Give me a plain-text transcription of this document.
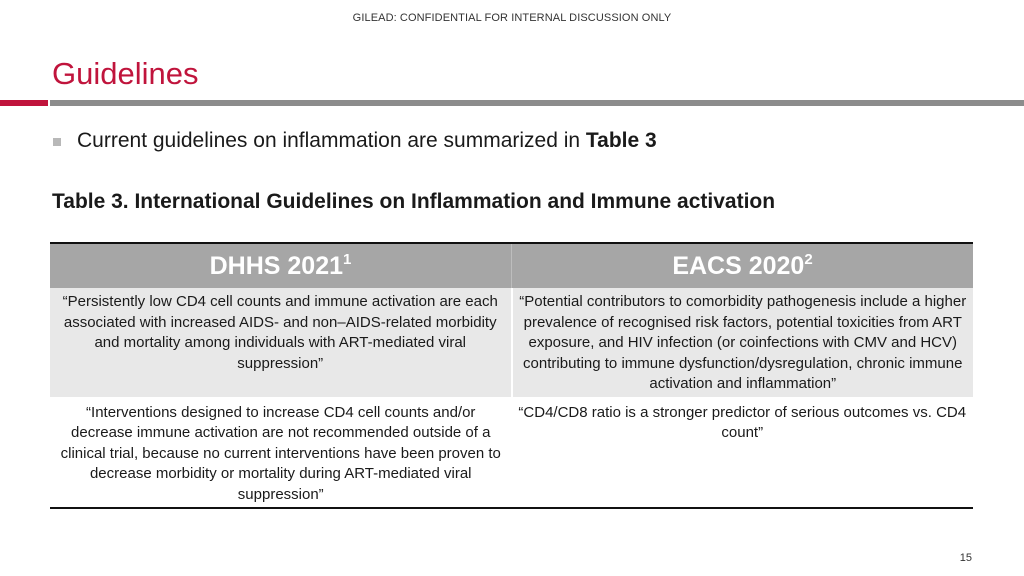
GILEAD: CONFIDENTIAL FOR INTERNAL DISCUSSION ONLY
Guidelines
Current guidelines on inflammation are summarized in Table 3
Table 3. International Guidelines on Inflammation and Immune activation
DHHS 2021$^1$	EACS 2020$^2$
“Persistently low CD4 cell counts and immune activation are each associated with increased AIDS- and non–AIDS-related morbidity and mortality among individuals with ART-mediated viral suppression”	“Potential contributors to comorbidity pathogenesis include a higher prevalence of recognised risk factors, potential toxicities from ART exposure, and HIV infection (or coinfections with CMV and HCV) contributing to immune dysfunction/dysregulation, chronic immune activation and inflammation”
“Interventions designed to increase CD4 cell counts and/or decrease immune activation are not recommended outside of a clinical trial, because no current interventions have been proven to decrease morbidity or mortality during ART-mediated viral suppression”	“CD4/CD8 ratio is a stronger predictor of serious outcomes vs. CD4 count”
15
